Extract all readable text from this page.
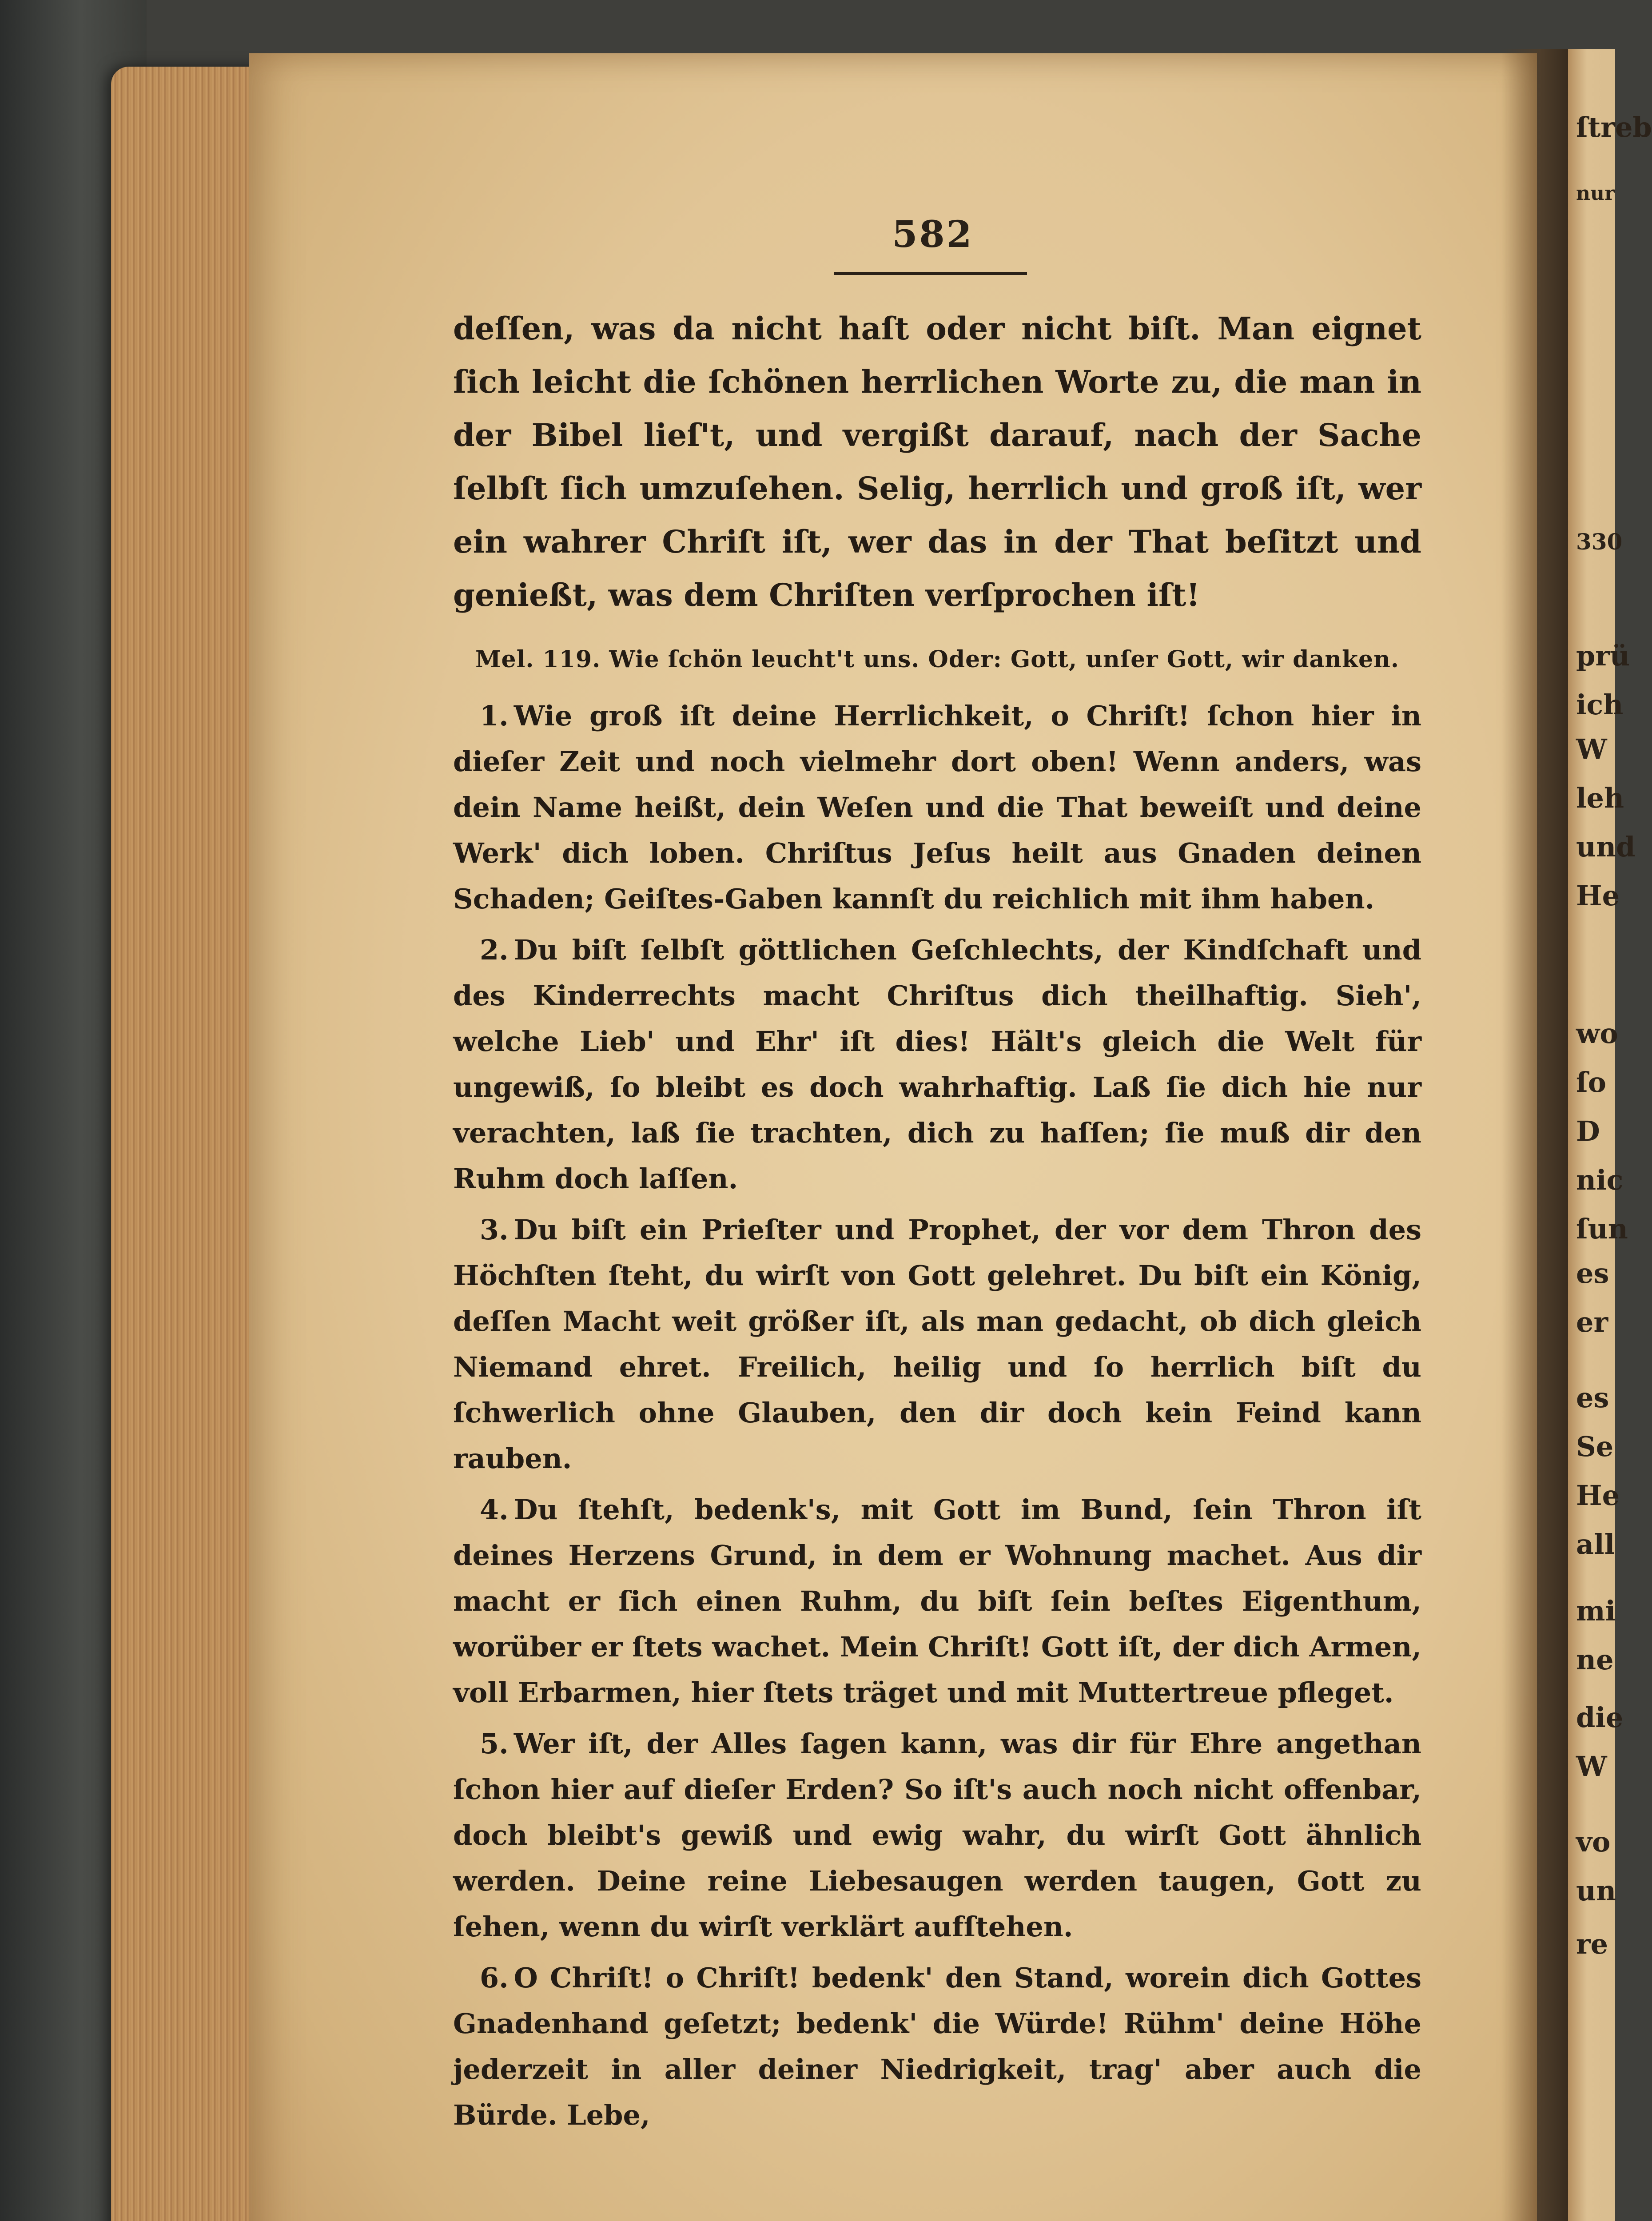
ſtreb
nur
330
prü
ich
W
leh
und
He
wo
ſo
D
nic
ſun
es
er
es
Se
He
all
mi
ne
die
W
vo
un
re
582

deſſen, was da nicht haſt oder nicht biſt. Man eignet ſich leicht die ſchönen herrlichen Worte zu, die man in der Bibel lieſ't, und vergißt darauf, nach der Sache ſelbſt ſich umzuſehen. Selig, herrlich und groß iſt, wer ein wahrer Chriſt iſt, wer das in der That beſitzt und genießt, was dem Chriſten verſprochen iſt!

Mel. 119. Wie ſchön leucht't uns. Oder: Gott, unſer Gott, wir danken.

1. Wie groß iſt deine Herrlichkeit, o Chriſt! ſchon hier in dieſer Zeit und noch vielmehr dort oben! Wenn anders, was dein Name heißt, dein Weſen und die That beweiſt und deine Werk' dich loben. Chriſtus Jeſus heilt aus Gnaden deinen Schaden; Geiſtes-Gaben kannſt du reichlich mit ihm haben.

2. Du biſt ſelbſt göttlichen Geſchlechts, der Kindſchaft und des Kinderrechts macht Chriſtus dich theilhaftig. Sieh', welche Lieb' und Ehr' iſt dies! Hält's gleich die Welt für ungewiß, ſo bleibt es doch wahrhaftig. Laß ſie dich hie nur verachten, laß ſie trachten, dich zu haſſen; ſie muß dir den Ruhm doch laſſen.

3. Du biſt ein Prieſter und Prophet, der vor dem Thron des Höchſten ſteht, du wirſt von Gott gelehret. Du biſt ein König, deſſen Macht weit größer iſt, als man gedacht, ob dich gleich Niemand ehret. Freilich, heilig und ſo herrlich biſt du ſchwerlich ohne Glauben, den dir doch kein Feind kann rauben.

4. Du ſtehſt, bedenk's, mit Gott im Bund, ſein Thron iſt deines Herzens Grund, in dem er Wohnung machet. Aus dir macht er ſich einen Ruhm, du biſt ſein beſtes Eigenthum, worüber er ſtets wachet. Mein Chriſt! Gott iſt, der dich Armen, voll Erbarmen, hier ſtets träget und mit Muttertreue pfleget.

5. Wer iſt, der Alles ſagen kann, was dir für Ehre angethan ſchon hier auf dieſer Erden? So iſt's auch noch nicht offenbar, doch bleibt's gewiß und ewig wahr, du wirſt Gott ähnlich werden. Deine reine Liebesaugen werden taugen, Gott zu ſehen, wenn du wirſt verklärt aufſtehen.

6. O Chriſt! o Chriſt! bedenk' den Stand, worein dich Gottes Gnadenhand geſetzt; bedenk' die Würde! Rühm' deine Höhe jederzeit in aller deiner Niedrigkeit, trag' aber auch die Bürde. Lebe,
